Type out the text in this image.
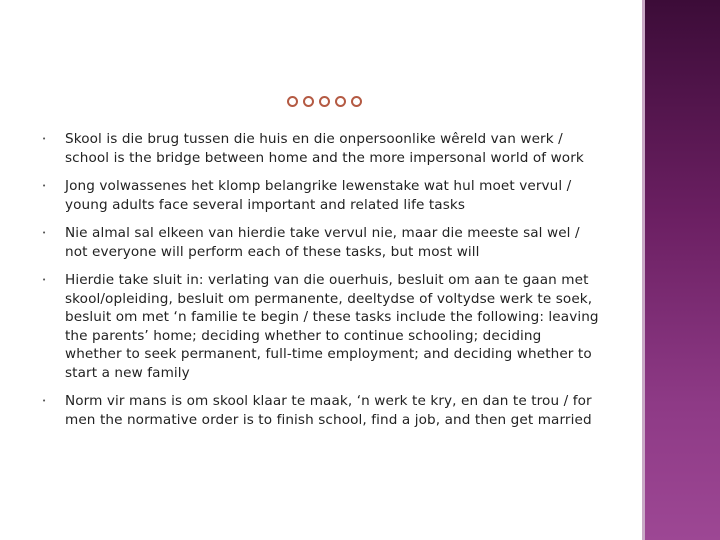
• Skool is die brug tussen die huis en die onpersoonlike wêreld van werk / school is the bridge between home and the more impersonal world of work
• Jong volwassenes het klomp belangrike lewenstake wat hul moet vervul / young adults face several important and related life tasks
• Nie almal sal elkeen van hierdie take vervul nie, maar die meeste sal wel / not everyone will perform each of these tasks, but most will
• Hierdie take sluit in: verlating van die ouerhuis, besluit om aan te gaan met skool/opleiding, besluit om permanente, deeltydse of voltydse werk te soek, besluit om met ‘n familie te begin / these tasks include the following: leaving the parents’ home; deciding whether to continue schooling; deciding whether to seek permanent, full-time employment; and deciding whether to start a new family
• Norm vir mans is om skool klaar te maak, ‘n werk te kry, en dan te trou / for men the normative order is to finish school, find a job, and then get married
